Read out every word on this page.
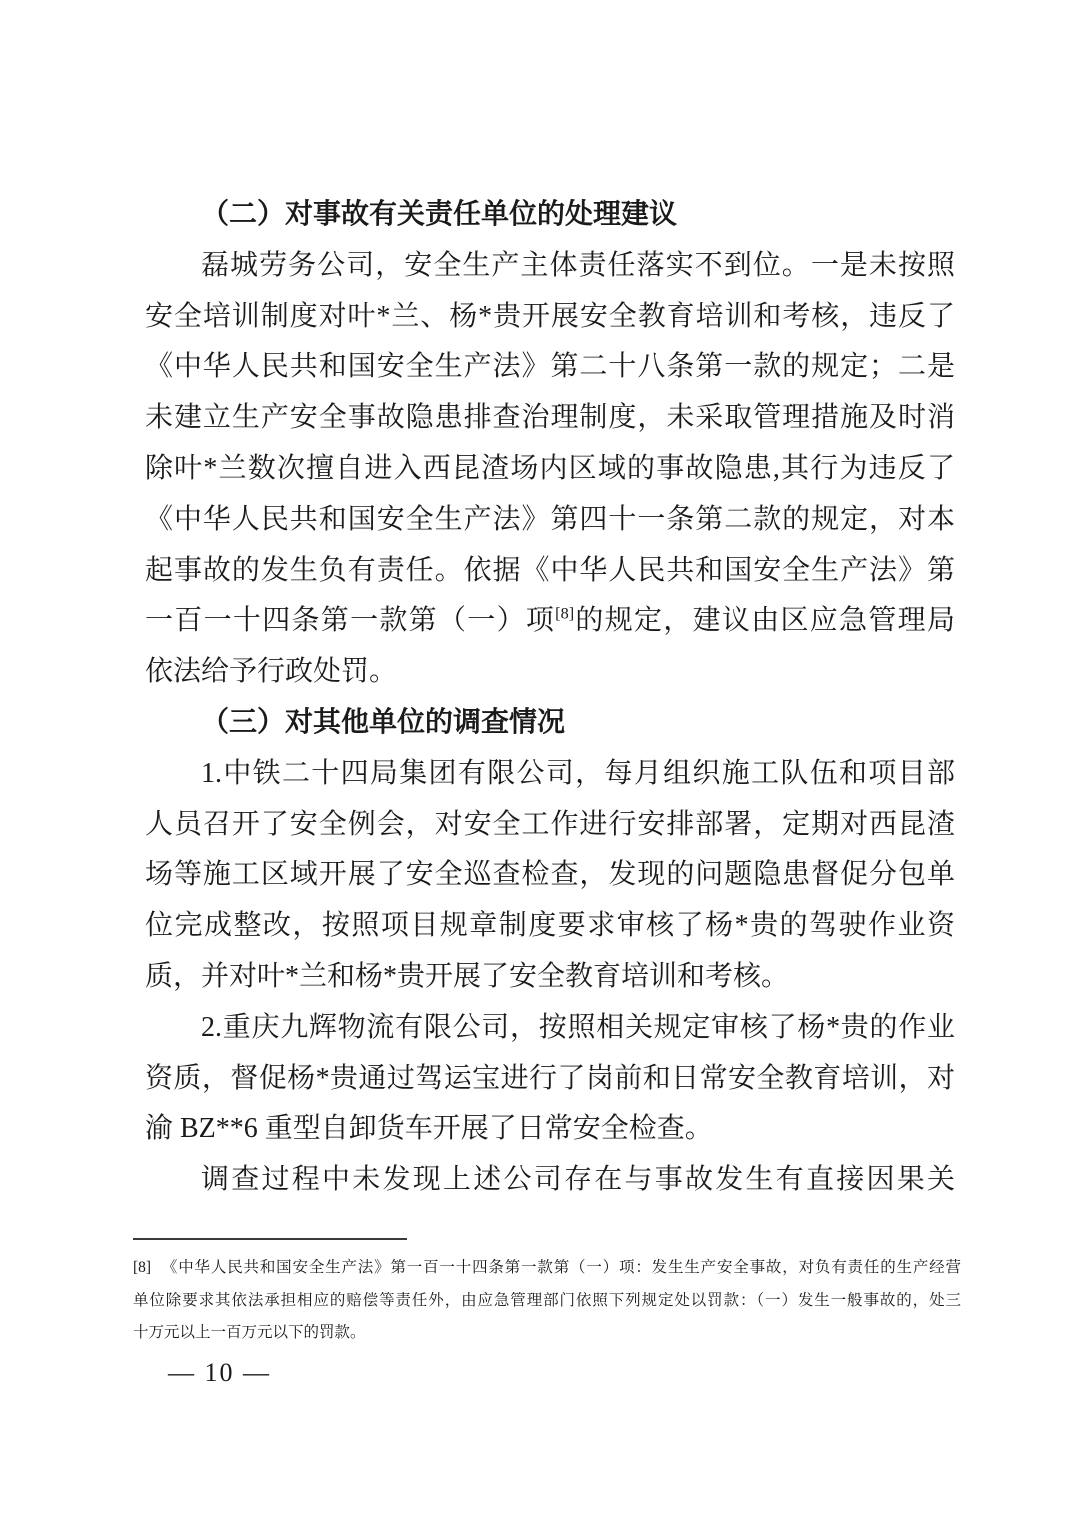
（二）对事故有关责任单位的处理建议
磊城劳务公司，安全生产主体责任落实不到位。一是未按照
安全培训制度对叶*兰、杨*贵开展安全教育培训和考核，违反了
《中华人民共和国安全生产法》第二十八条第一款的规定；二是
未建立生产安全事故隐患排查治理制度，未采取管理措施及时消
除叶*兰数次擅自进入西昆渣场内区域的事故隐患,其行为违反了
《中华人民共和国安全生产法》第四十一条第二款的规定，对本
起事故的发生负有责任。依据《中华人民共和国安全生产法》第
一百一十四条第一款第（一）项[8]的规定，建议由区应急管理局
依法给予行政处罚。
（三）对其他单位的调查情况
1.中铁二十四局集团有限公司，每月组织施工队伍和项目部
人员召开了安全例会，对安全工作进行安排部署，定期对西昆渣
场等施工区域开展了安全巡查检查，发现的问题隐患督促分包单
位完成整改，按照项目规章制度要求审核了杨*贵的驾驶作业资
质，并对叶*兰和杨*贵开展了安全教育培训和考核。
2.重庆九辉物流有限公司，按照相关规定审核了杨*贵的作业
资质，督促杨*贵通过驾运宝进行了岗前和日常安全教育培训，对
渝 BZ**6 重型自卸货车开展了日常安全检查。
调查过程中未发现上述公司存在与事故发生有直接因果关
[8] 《中华人民共和国安全生产法》第一百一十四条第一款第（一）项：发生生产安全事故，对负有责任的生产经营
单位除要求其依法承担相应的赔偿等责任外，由应急管理部门依照下列规定处以罚款：（一）发生一般事故的，处三
十万元以上一百万元以下的罚款。
— 10 —
